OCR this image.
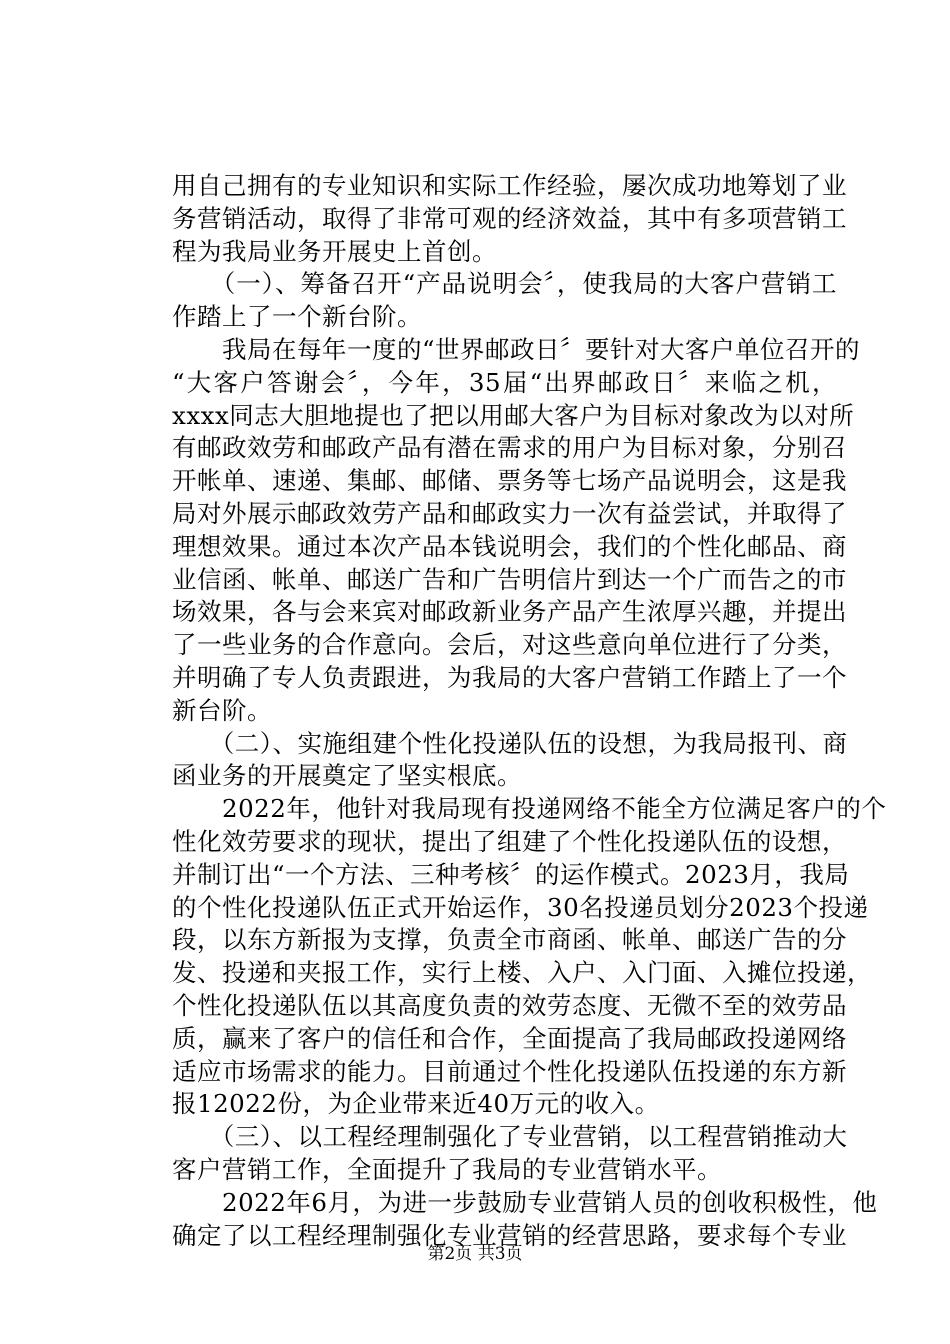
用自己拥有的专业知识和实际工作经验，屡次成功地筹划了业
务营销活动，取得了非常可观的经济效益，其中有多项营销工
程为我局业务开展史上首创。
　　（一）、筹备召开“产品说明会〞，使我局的大客户营销工
作踏上了一个新台阶。
　　我局在每年一度的“世界邮政日〞要针对大客户单位召开的
“大客户答谢会〞，今年，35届“出界邮政日〞来临之机，
xxxx同志大胆地提也了把以用邮大客户为目标对象改为以对所
有邮政效劳和邮政产品有潜在需求的用户为目标对象，分别召
开帐单、速递、集邮、邮储、票务等七场产品说明会，这是我
局对外展示邮政效劳产品和邮政实力一次有益尝试，并取得了
理想效果。通过本次产品本钱说明会，我们的个性化邮品、商
业信函、帐单、邮送广告和广告明信片到达一个广而告之的市
场效果，各与会来宾对邮政新业务产品产生浓厚兴趣，并提出
了一些业务的合作意向。会后，对这些意向单位进行了分类，
并明确了专人负责跟进，为我局的大客户营销工作踏上了一个
新台阶。
　　（二）、实施组建个性化投递队伍的设想，为我局报刊、商
函业务的开展奠定了坚实根底。
　　2022年，他针对我局现有投递网络不能全方位满足客户的个
性化效劳要求的现状，提出了组建了个性化投递队伍的设想，
并制订出“一个方法、三种考核〞的运作模式。2023月，我局
的个性化投递队伍正式开始运作，30名投递员划分2023个投递
段，以东方新报为支撑，负责全市商函、帐单、邮送广告的分
发、投递和夹报工作，实行上楼、入户、入门面、入摊位投递，
个性化投递队伍以其高度负责的效劳态度、无微不至的效劳品
质，赢来了客户的信任和合作，全面提高了我局邮政投递网络
适应市场需求的能力。目前通过个性化投递队伍投递的东方新
报12022份，为企业带来近40万元的收入。
　　（三）、以工程经理制强化了专业营销，以工程营销推动大
客户营销工作，全面提升了我局的专业营销水平。
　　2022年6月，为进一步鼓励专业营销人员的创收积极性，他
确定了以工程经理制强化专业营销的经营思路，要求每个专业
第2页 共3页
